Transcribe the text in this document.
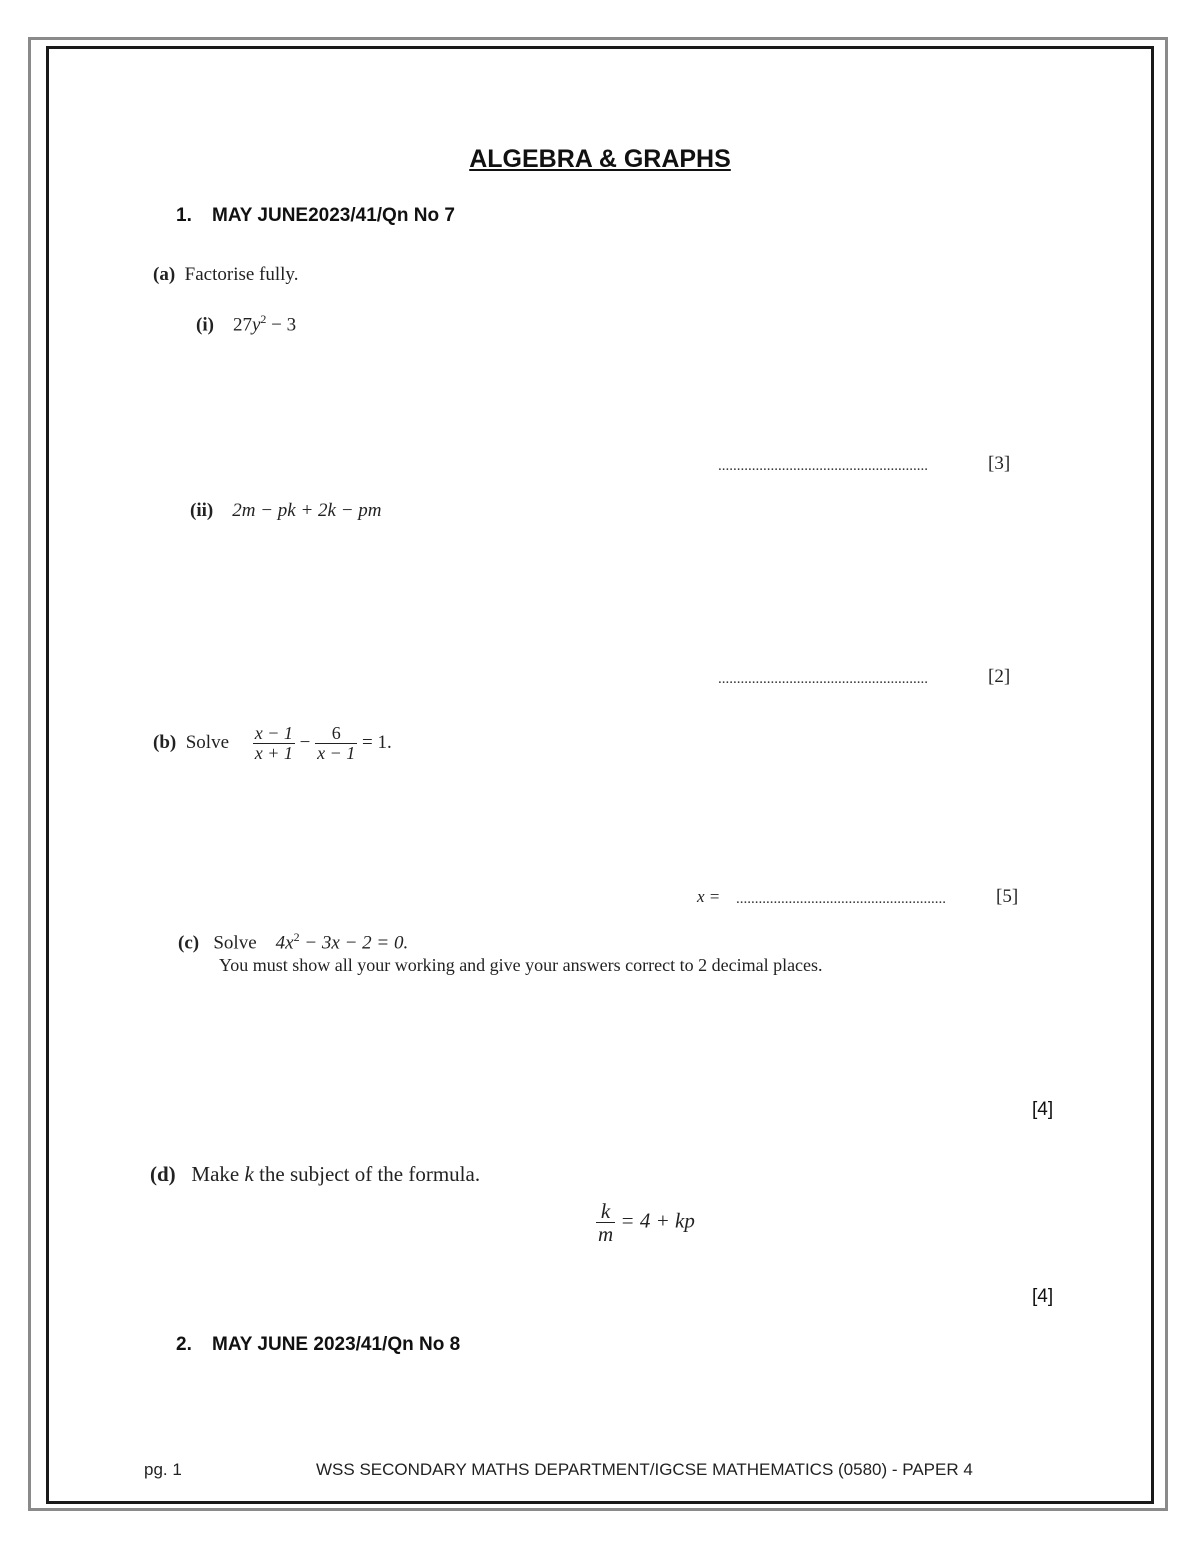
ALGEBRA & GRAPHS
1. MAY JUNE2023/41/Qn No 7
(a) Factorise fully.
(i) $27y^2 - 3$
........................................................	[3]
(ii) 2m − pk + 2k − pm
........................................................	[2]
(b) Solve $\frac{x - 1}{x + 1} - \frac{6}{x - 1} = 1$.
x = ........................................................	[5]
(c) Solve $4x^2 - 3x - 2 = 0$.
You must show all your working and give your answers correct to 2 decimal places.
[4]
(d) Make k the subject of the formula.
$\frac{k}{m} = 4$ + kp
[4]
2. MAY JUNE 2023/41/Qn No 8
pg. 1	WSS SECONDARY MATHS DEPARTMENT/IGCSE MATHEMATICS (0580) - PAPER 4
